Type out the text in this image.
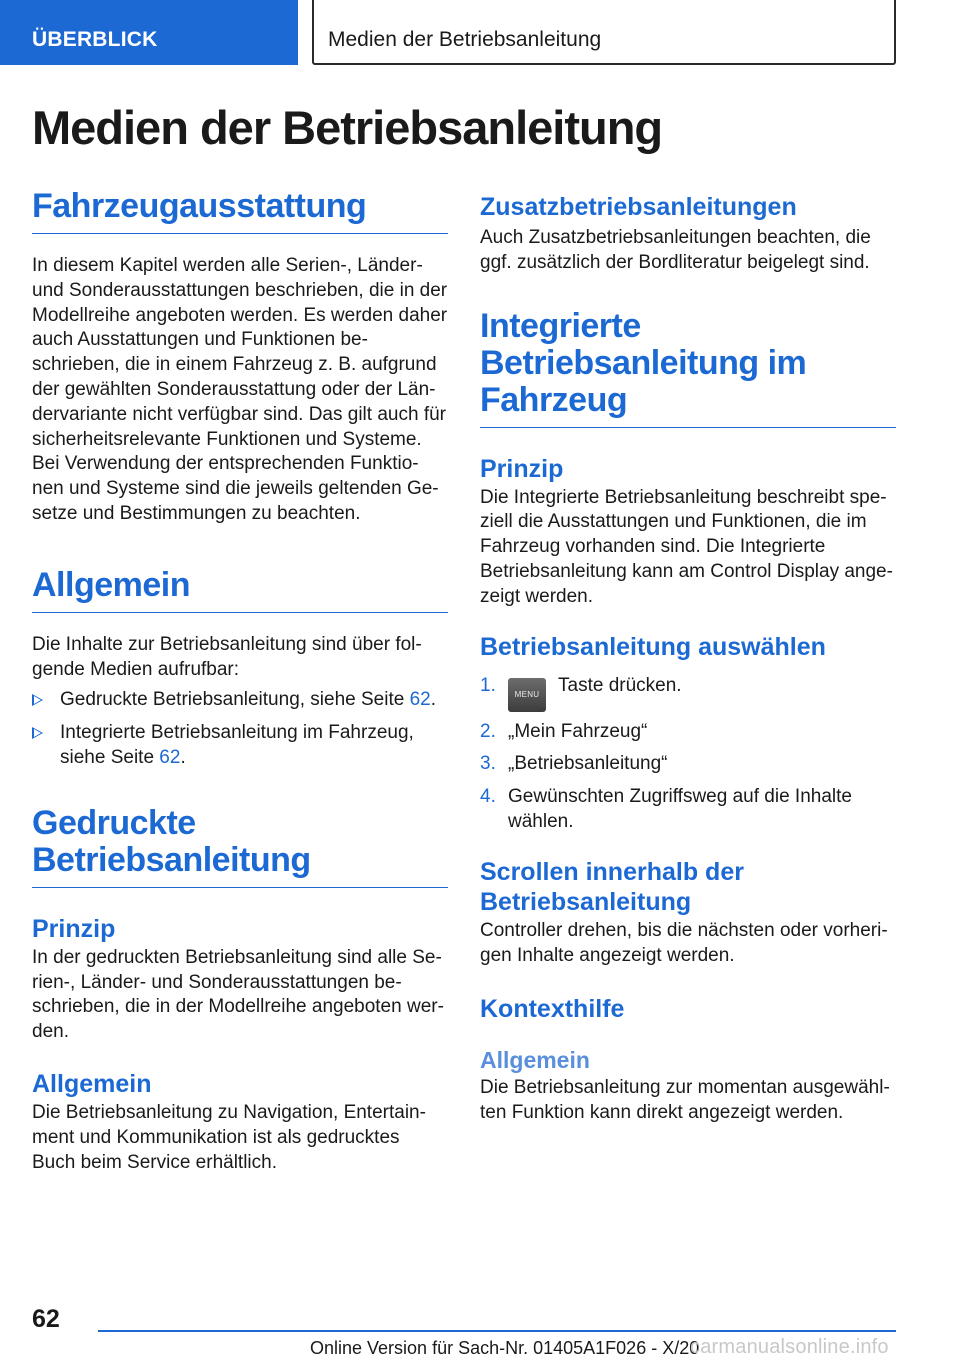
ÜBERBLICK	Medien der Betriebsanleitung
Medien der Betriebsanleitung
Fahrzeugausstattung

In diesem Kapitel werden alle Serien-, Länder- und Sonderausstattungen beschrieben, die in der Modellreihe angeboten werden. Es werden daher auch Ausstattungen und Funktionen be-schrieben, die in einem Fahrzeug z. B. aufgrund der gewählten Sonderausstattung oder der Län-dervariante nicht verfügbar sind. Das gilt auch für sicherheitsrelevante Funktionen und Systeme. Bei Verwendung der entsprechenden Funktio-nen und Systeme sind die jeweils geltenden Ge-setze und Bestimmungen zu beachten.

Allgemein

Die Inhalte zur Betriebsanleitung sind über fol-gende Medien aufrufbar:

Gedruckte Betriebsanleitung, siehe Seite 62.
Integrierte Betriebsanleitung im Fahrzeug, siehe Seite 62.
Gedruckte Betriebsanleitung
Prinzip

In der gedruckten Betriebsanleitung sind alle Se-rien-, Länder- und Sonderausstattungen be-schrieben, die in der Modellreihe angeboten wer-den.

Allgemein

Die Betriebsanleitung zu Navigation, Entertain-ment und Kommunikation ist als gedrucktes Buch beim Service erhältlich.

Zusatzbetriebsanleitungen

Auch Zusatzbetriebsanleitungen beachten, die ggf. zusätzlich der Bordliteratur beigelegt sind.

Integrierte Betriebsanleitung im Fahrzeug
Prinzip

Die Integrierte Betriebsanleitung beschreibt spe-ziell die Ausstattungen und Funktionen, die im Fahrzeug vorhanden sind. Die Integrierte Betriebsanleitung kann am Control Display ange-zeigt werden.

Betriebsanleitung auswählen
1. MENU Taste drücken.
2. „Mein Fahrzeug“
3. „Betriebsanleitung“
4. Gewünschten Zugriffsweg auf die Inhalte wählen.
Scrollen innerhalb der Betriebsanleitung

Controller drehen, bis die nächsten oder vorheri-gen Inhalte angezeigt werden.

Kontexthilfe
Allgemein

Die Betriebsanleitung zur momentan ausgewähl-ten Funktion kann direkt angezeigt werden.

62
Online Version für Sach-Nr. 01405A1F026 - X/20
carmanualsonline.info
